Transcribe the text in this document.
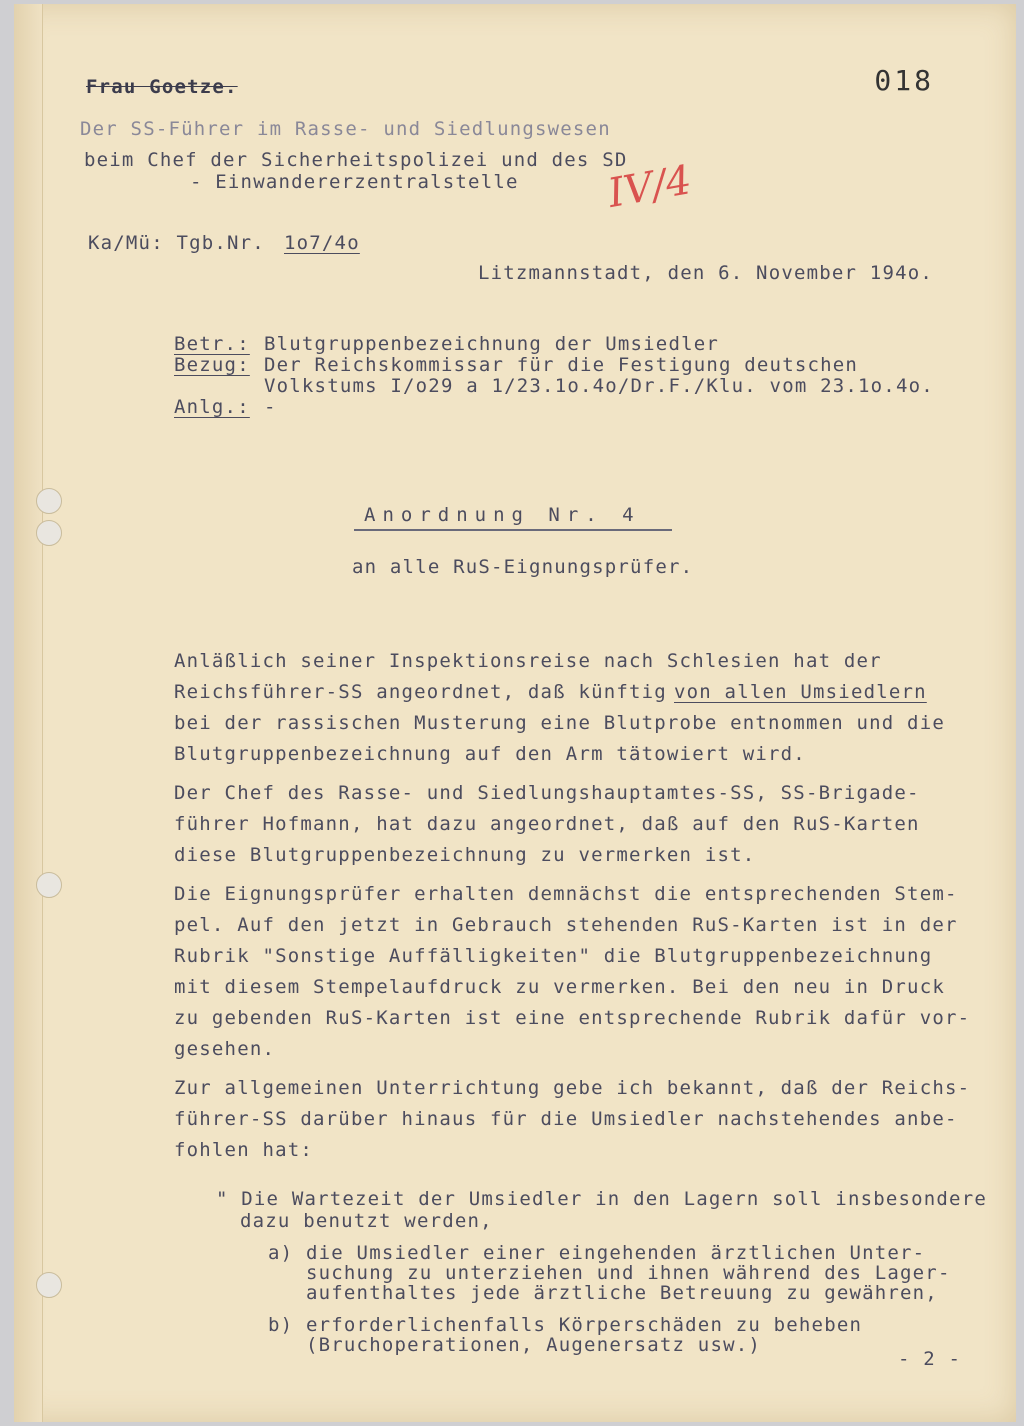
Frau Goetze.	018
Der SS-Führer im Rasse- und Siedlungswesen
beim Chef der Sicherheitspolizei und des SD
- Einwandererzentralstelle IV/4
Ka/Mü: Tgb.Nr. 1o7/4o
Litzmannstadt, den 6. November 194o.
Betr.: Blutgruppenbezeichnung der Umsiedler
Bezug: Der Reichskommissar für die Festigung deutschen
Volkstums I/o29 a 1/23.1o.4o/Dr.F./Klu. vom 23.1o.4o.
Anlg.: -
Anordnung Nr. 4
an alle RuS-Eignungsprüfer.
Anläßlich seiner Inspektionsreise nach Schlesien hat der
Reichsführer-SS angeordnet, daß künftig von allen Umsiedlern
bei der rassischen Musterung eine Blutprobe entnommen und die
Blutgruppenbezeichnung auf den Arm tätowiert wird.
Der Chef des Rasse- und Siedlungshauptamtes-SS, SS-Brigade-
führer Hofmann, hat dazu angeordnet, daß auf den RuS-Karten
diese Blutgruppenbezeichnung zu vermerken ist.
Die Eignungsprüfer erhalten demnächst die entsprechenden Stem-
pel. Auf den jetzt in Gebrauch stehenden RuS-Karten ist in der
Rubrik "Sonstige Auffälligkeiten" die Blutgruppenbezeichnung
mit diesem Stempelaufdruck zu vermerken. Bei den neu in Druck
zu gebenden RuS-Karten ist eine entsprechende Rubrik dafür vor-
gesehen.
Zur allgemeinen Unterrichtung gebe ich bekannt, daß der Reichs-
führer-SS darüber hinaus für die Umsiedler nachstehendes anbe-
fohlen hat:
" Die Wartezeit der Umsiedler in den Lagern soll insbesondere
dazu benutzt werden,
a) die Umsiedler einer eingehenden ärztlichen Unter-
suchung zu unterziehen und ihnen während des Lager-
aufenthaltes jede ärztliche Betreuung zu gewähren,
b) erforderlichenfalls Körperschäden zu beheben
(Bruchoperationen, Augenersatz usw.)
- 2 -
